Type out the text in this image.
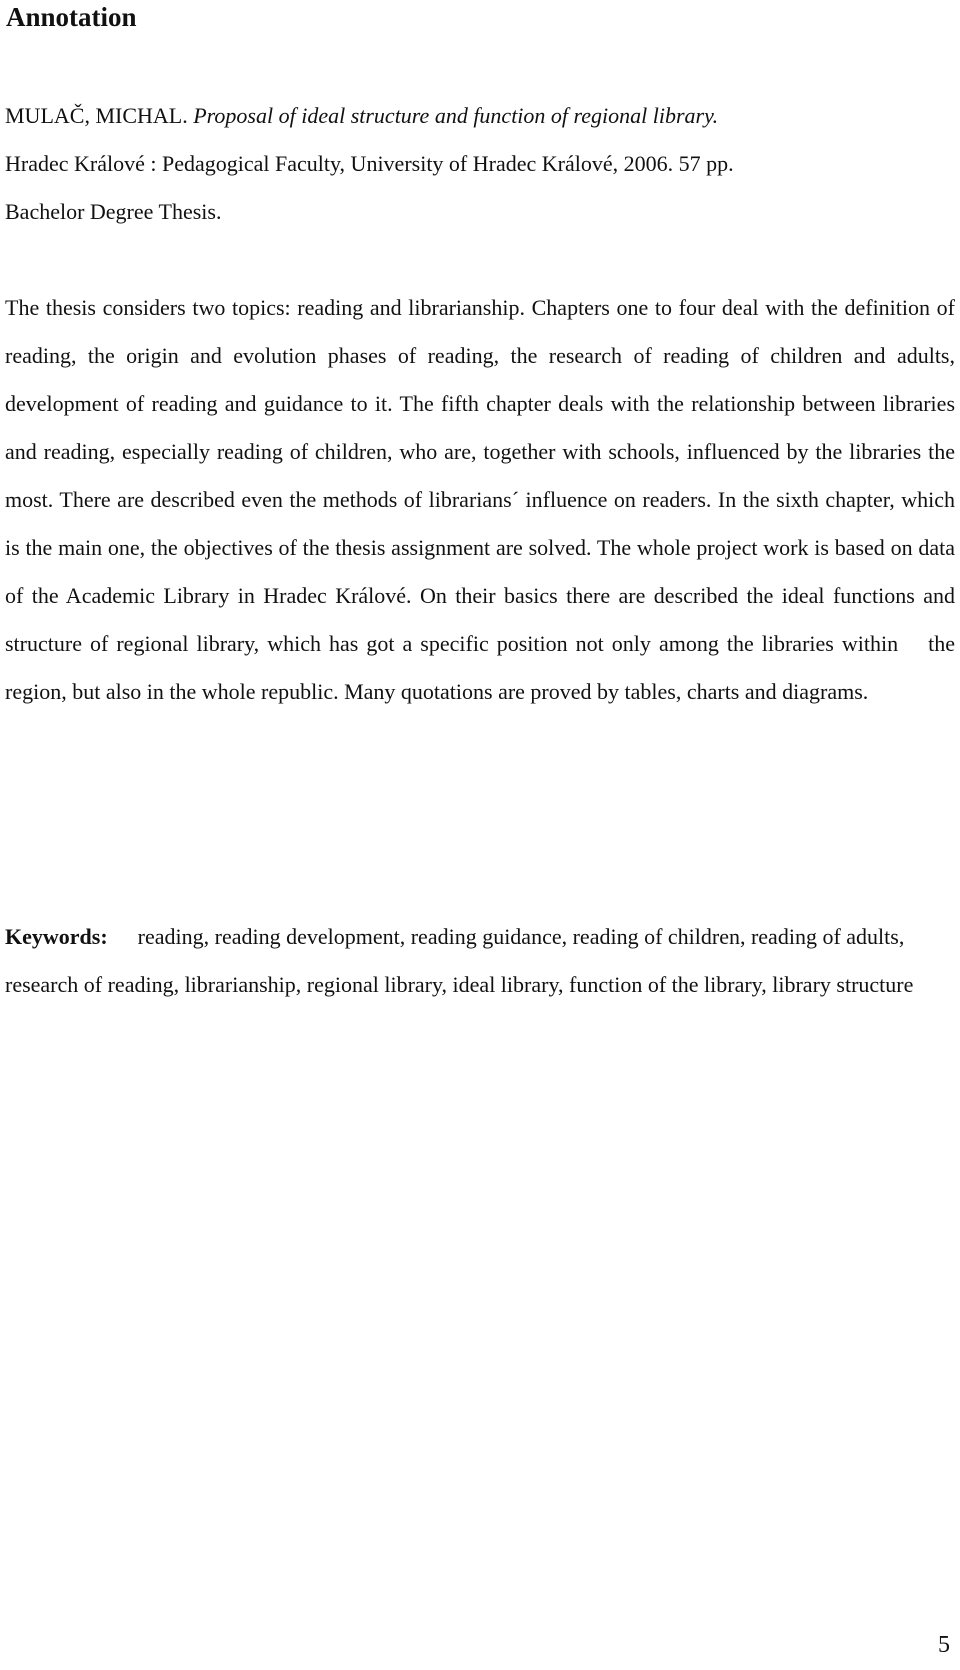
Annotation

MULAČ, MICHAL. Proposal of ideal structure and function of regional library.
Hradec Králové : Pedagogical Faculty, University of Hradec Králové, 2006. 57 pp.
Bachelor Degree Thesis.

The thesis considers two topics: reading and librarianship. Chapters one to four deal with the definition of reading, the origin and evolution phases of reading, the research of reading of children and adults, development of reading and guidance to it. The fifth chapter deals with the relationship between libraries and reading, especially reading of children, who are, together with schools, influenced by the libraries the most. There are described even the methods of librarians´ influence on readers. In the sixth chapter, which is the main one, the objectives of the thesis assignment are solved. The whole project work is based on data of the Academic Library in Hradec Králové. On their basics there are described the ideal functions and structure of regional library, which has got a specific position not only among the libraries within the region, but also in the whole republic. Many quotations are proved by tables, charts and diagrams.

Keywords: reading, reading development, reading guidance, reading of children, reading of adults, research of reading, librarianship, regional library, ideal library, function of the library, library structure

5
